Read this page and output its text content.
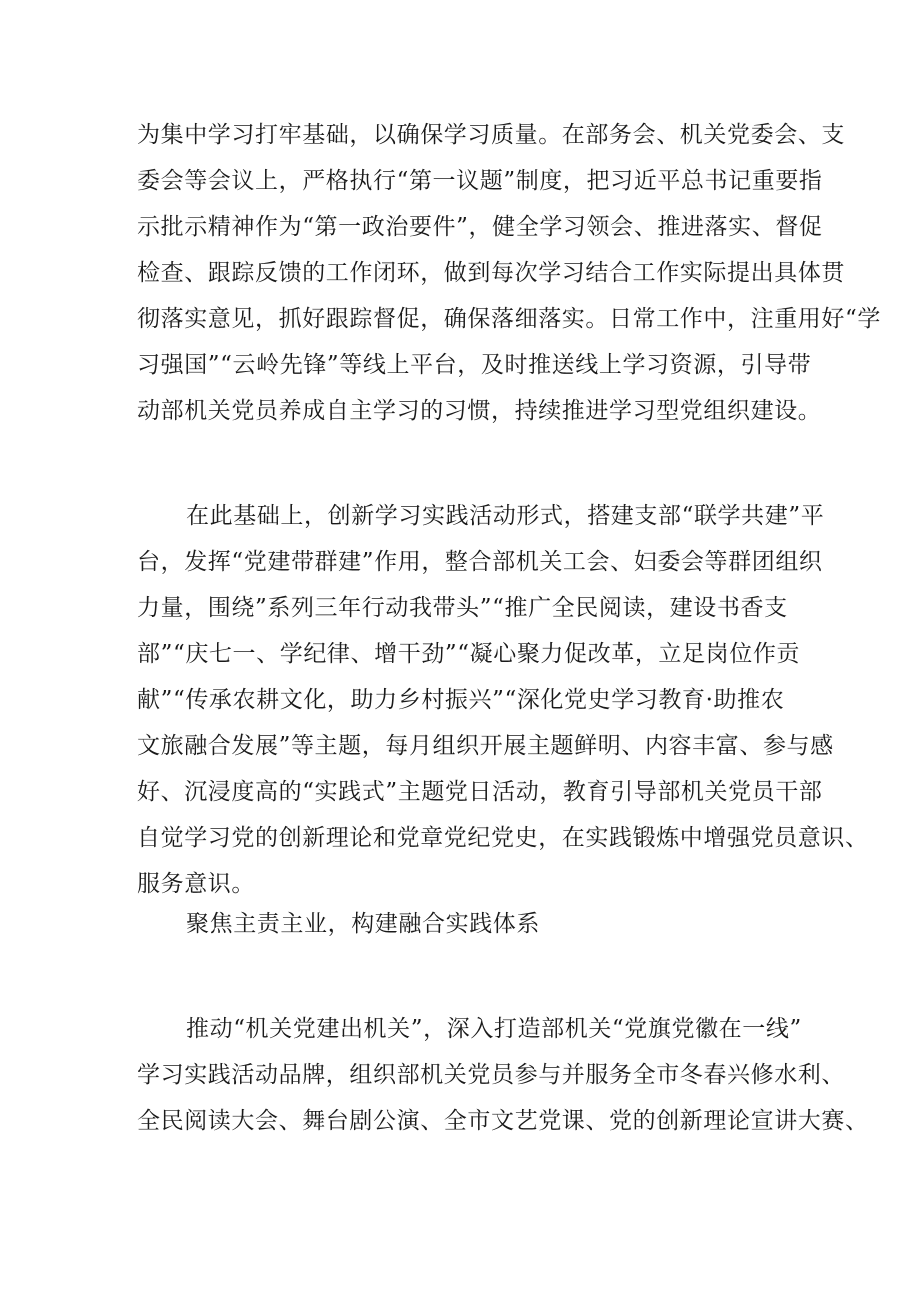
为集中学习打牢基础，以确保学习质量。在部务会、机关党委会、支
委会等会议上，严格执行“第一议题”制度，把习近平总书记重要指
示批示精神作为“第一政治要件”，健全学习领会、推进落实、督促
检查、跟踪反馈的工作闭环，做到每次学习结合工作实际提出具体贯
彻落实意见，抓好跟踪督促，确保落细落实。日常工作中，注重用好“学
习强国”“云岭先锋”等线上平台，及时推送线上学习资源，引导带
动部机关党员养成自主学习的习惯，持续推进学习型党组织建设。
在此基础上，创新学习实践活动形式，搭建支部“联学共建”平
台，发挥“党建带群建”作用，整合部机关工会、妇委会等群团组织
力量，围绕”系列三年行动我带头”“推广全民阅读，建设书香支
部”“庆七一、学纪律、增干劲”“凝心聚力促改革，立足岗位作贡
献”“传承农耕文化，助力乡村振兴”“深化党史学习教育·助推农
文旅融合发展”等主题，每月组织开展主题鲜明、内容丰富、参与感
好、沉浸度高的“实践式”主题党日活动，教育引导部机关党员干部
自觉学习党的创新理论和党章党纪党史，在实践锻炼中增强党员意识、
服务意识。
聚焦主责主业，构建融合实践体系
推动“机关党建出机关”，深入打造部机关“党旗党徽在一线”
学习实践活动品牌，组织部机关党员参与并服务全市冬春兴修水利、
全民阅读大会、舞台剧公演、全市文艺党课、党的创新理论宣讲大赛、
